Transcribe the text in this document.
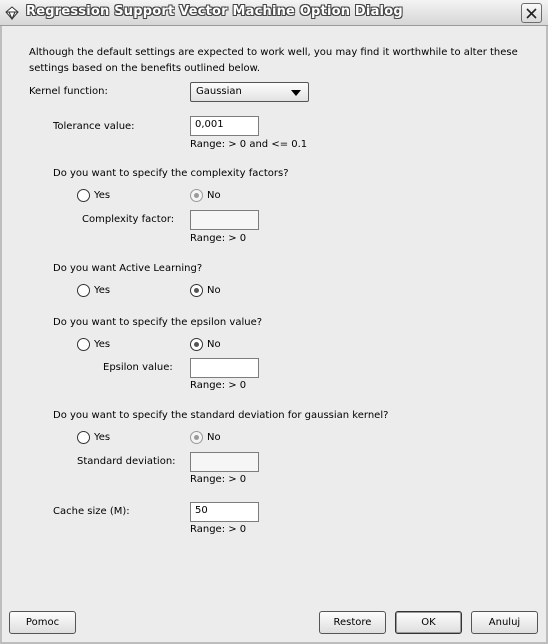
Regression Support Vector Machine Option Dialog
Although the default settings are expected to work well, you may find it worthwhile to alter these
settings based on the benefits outlined below.
Kernel function:	Gaussian
Tolerance value:	0,001
Range: > 0 and <= 0.1
Do you want to specify the complexity factors?
Yes	No
Complexity factor:
Range: > 0
Do you want Active Learning?
Yes	No
Do you want to specify the epsilon value?
Yes	No
Epsilon value:
Range: > 0
Do you want to specify the standard deviation for gaussian kernel?
Yes	No
Standard deviation:
Range: > 0
Cache size (M):	50
Range: > 0
Pomoc	Restore	OK	Anuluj
